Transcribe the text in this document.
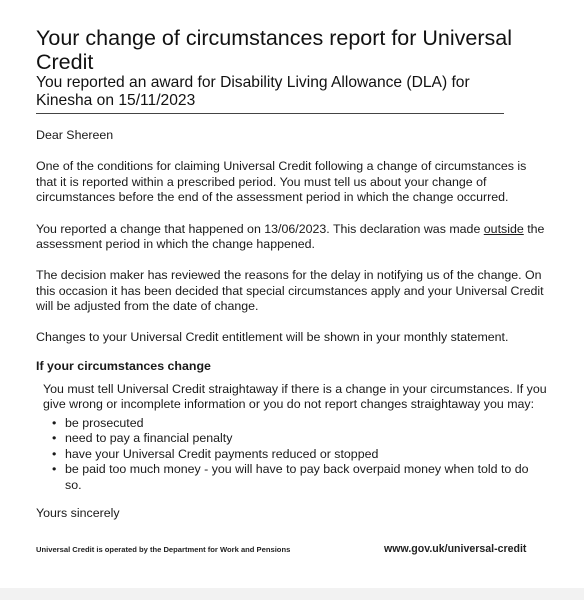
Your change of circumstances report for Universal Credit
You reported an award for Disability Living Allowance (DLA) for Kinesha on 15/11/2023

Dear Shereen

One of the conditions for claiming Universal Credit following a change of circumstances is that it is reported within a prescribed period. You must tell us about your change of circumstances before the end of the assessment period in which the change occurred.

You reported a change that happened on 13/06/2023. This declaration was made outside the assessment period in which the change happened.

The decision maker has reviewed the reasons for the delay in notifying us of the change. On this occasion it has been decided that special circumstances apply and your Universal Credit will be adjusted from the date of change.

Changes to your Universal Credit entitlement will be shown in your monthly statement.

If your circumstances change

You must tell Universal Credit straightaway if there is a change in your circumstances. If you give wrong or incomplete information or you do not report changes straightaway you may:

• be prosecuted
• need to pay a financial penalty
• have your Universal Credit payments reduced or stopped
• be paid too much money - you will have to pay back overpaid money when told to do so.

Yours sincerely

Universal Credit is operated by the Department for Work and Pensions	www.gov.uk/universal-credit
